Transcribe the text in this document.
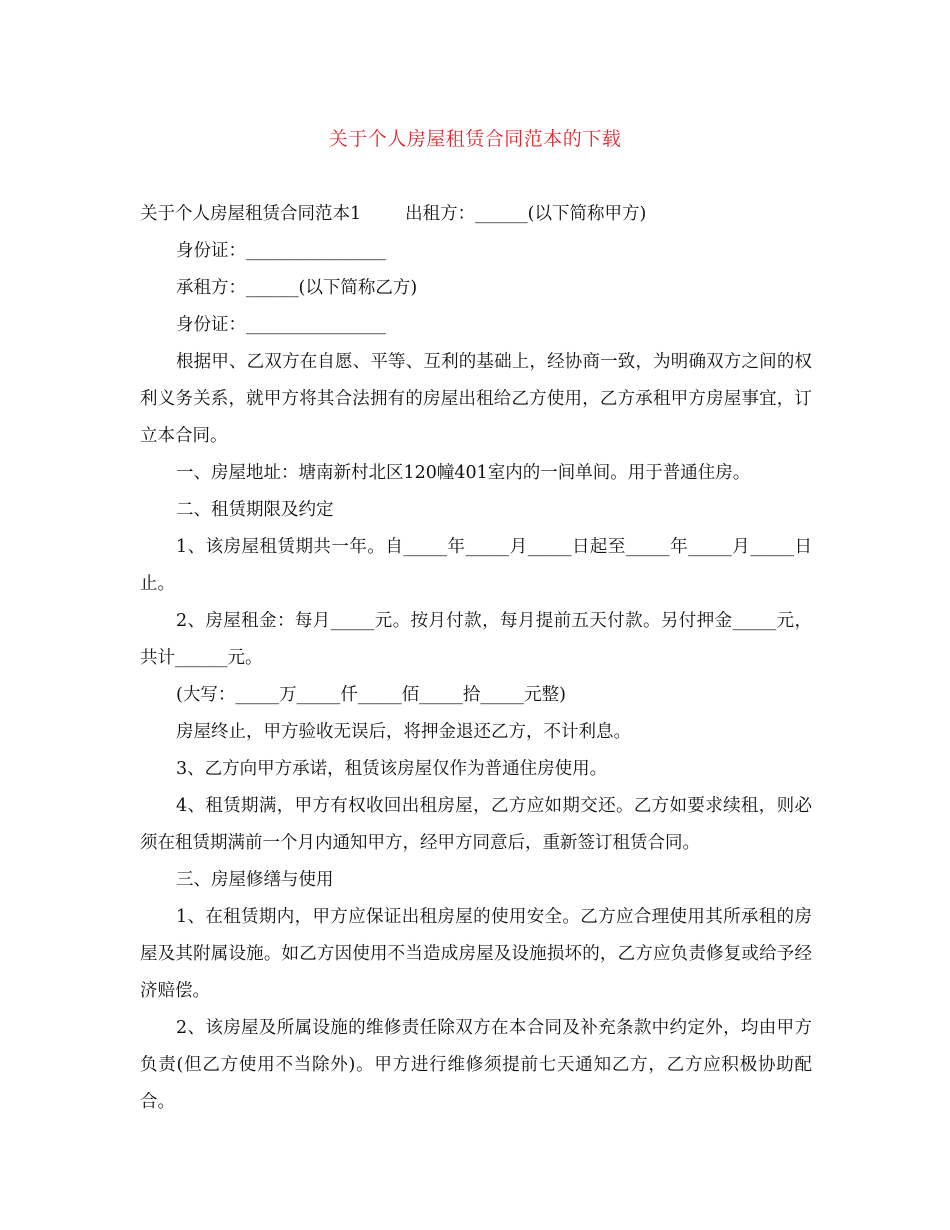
关于个人房屋租赁合同范本的下载

关于个人房屋租赁合同范本1	出租方：______(以下简称甲方)

身份证：________________

承租方：______(以下简称乙方)

身份证：________________

根据甲、乙双方在自愿、平等、互利的基础上，经协商一致，为明确双方之间的权利义务关系，就甲方将其合法拥有的房屋出租给乙方使用，乙方承租甲方房屋事宜，订立本合同。

一、房屋地址：塘南新村北区120幢401室内的一间单间。用于普通住房。

二、租赁期限及约定

1、该房屋租赁期共一年。自_____年_____月_____日起至_____年_____月_____日止。

2、房屋租金：每月_____元。按月付款，每月提前五天付款。另付押金_____元，共计______元。

(大写：_____万_____仟_____佰_____拾_____元整)

房屋终止，甲方验收无误后，将押金退还乙方，不计利息。

3、乙方向甲方承诺，租赁该房屋仅作为普通住房使用。

4、租赁期满，甲方有权收回出租房屋，乙方应如期交还。乙方如要求续租，则必须在租赁期满前一个月内通知甲方，经甲方同意后，重新签订租赁合同。

三、房屋修缮与使用

1、在租赁期内，甲方应保证出租房屋的使用安全。乙方应合理使用其所承租的房屋及其附属设施。如乙方因使用不当造成房屋及设施损坏的，乙方应负责修复或给予经济赔偿。

2、该房屋及所属设施的维修责任除双方在本合同及补充条款中约定外，均由甲方负责(但乙方使用不当除外)。甲方进行维修须提前七天通知乙方，乙方应积极协助配合。
